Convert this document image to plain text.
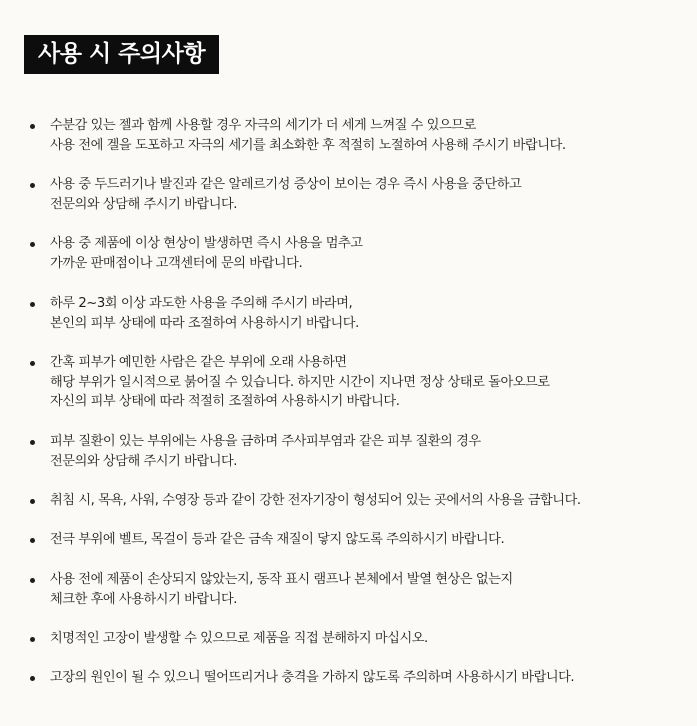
사용 시 주의사항
수분감 있는 젤과 함께 사용할 경우 자극의 세기가 더 세게 느껴질 수 있으므로
사용 전에 겔을 도포하고 자극의 세기를 최소화한 후 적절히 노절하여 사용해 주시기 바랍니다.
사용 중 두드러기나 발진과 같은 알레르기성 증상이 보이는 경우 즉시 사용을 중단하고
전문의와 상담해 주시기 바랍니다.
사용 중 제품에 이상 현상이 발생하면 즉시 사용을 멈추고
가까운 판매점이나 고객센터에 문의 바랍니다.
하루 2~3회 이상 과도한 사용을 주의해 주시기 바라며,
본인의 피부 상태에 따라 조절하여 사용하시기 바랍니다.
간혹 피부가 예민한 사람은 같은 부위에 오래 사용하면
해당 부위가 일시적으로 붉어질 수 있습니다. 하지만 시간이 지나면 정상 상태로 돌아오므로
자신의 피부 상태에 따라 적절히 조절하여 사용하시기 바랍니다.
피부 질환이 있는 부위에는 사용을 금하며 주사피부염과 같은 피부 질환의 경우
전문의와 상담해 주시기 바랍니다.
취침 시, 목욕, 사워, 수영장 등과 같이 강한 전자기장이 형성되어 있는 곳에서의 사용을 금합니다.
전극 부위에 벨트, 목걸이 등과 같은 금속 재질이 닿지 않도록 주의하시기 바랍니다.
사용 전에 제품이 손상되지 않았는지, 동작 표시 램프나 본체에서 발열 현상은 없는지
체크한 후에 사용하시기 바랍니다.
치명적인 고장이 발생할 수 있으므로 제품을 직접 분해하지 마십시오.
고장의 원인이 될 수 있으니 떨어뜨리거나 충격을 가하지 않도록 주의하며 사용하시기 바랍니다.
